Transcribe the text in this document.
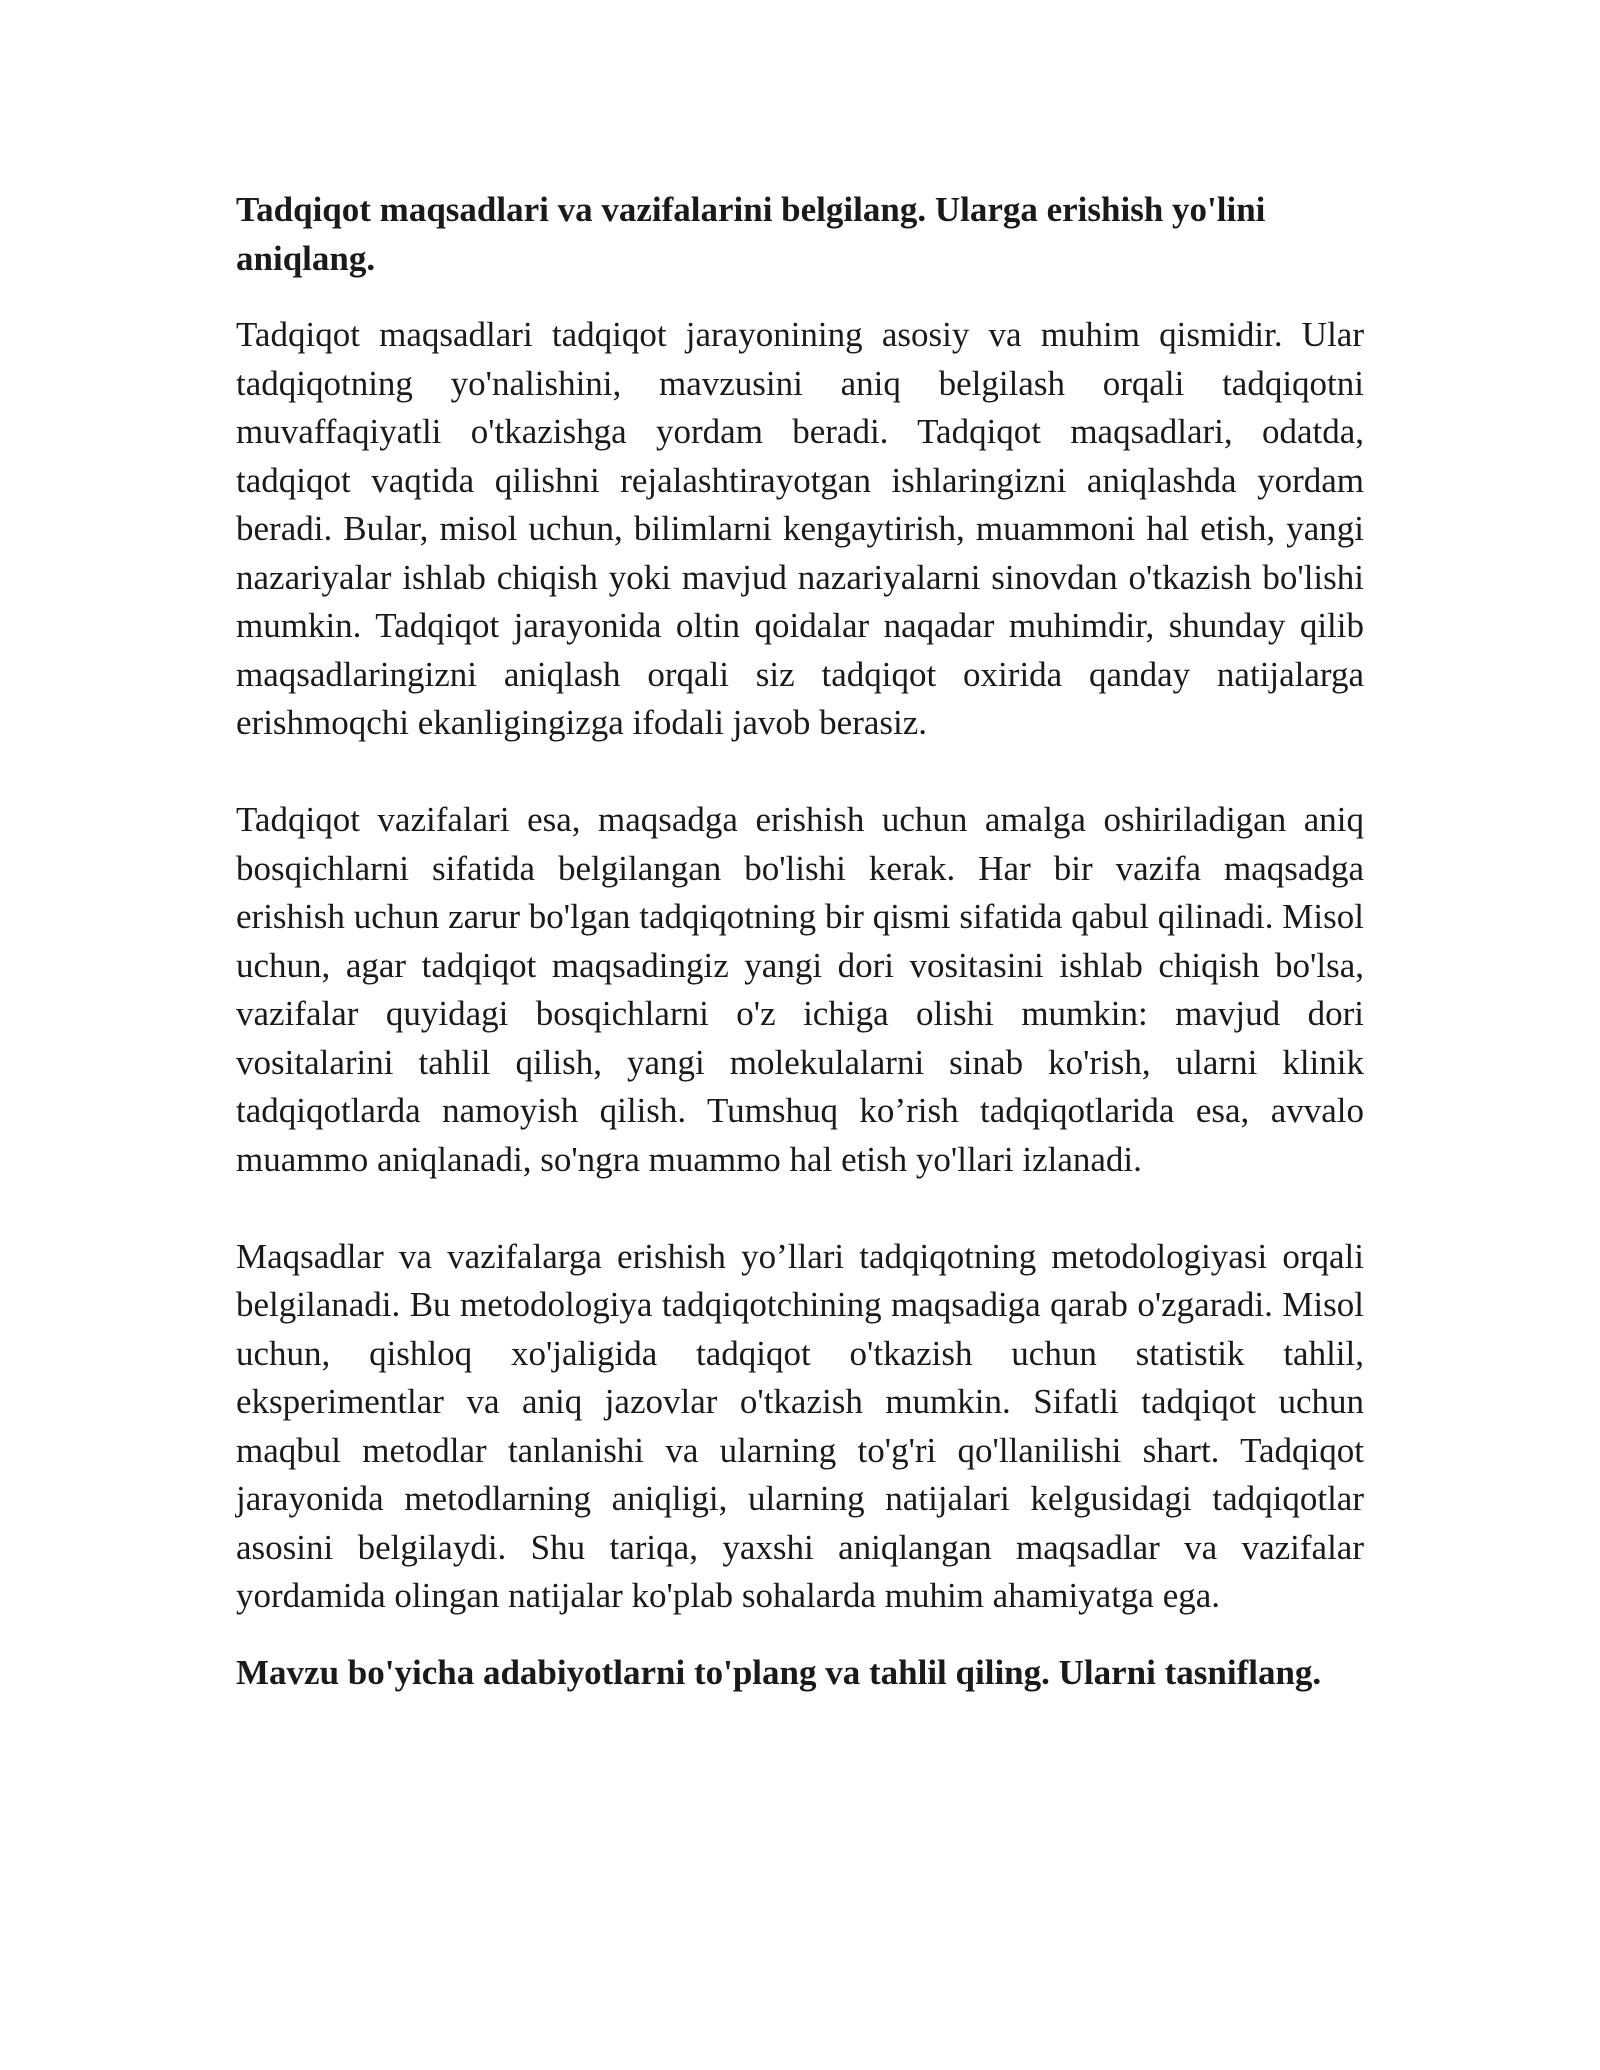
Tadqiqot maqsadlari va vazifalarini belgilang. Ularga erishish yo'lini aniqlang.

Tadqiqot maqsadlari tadqiqot jarayonining asosiy va muhim qismidir. Ular tadqiqotning yo'nalishini, mavzusini aniq belgilash orqali tadqiqotni muvaffaqiyatli o'tkazishga yordam beradi. Tadqiqot maqsadlari, odatda, tadqiqot vaqtida qilishni rejalashtirayotgan ishlaringizni aniqlashda yordam beradi. Bular, misol uchun, bilimlarni kengaytirish, muammoni hal etish, yangi nazariyalar ishlab chiqish yoki mavjud nazariyalarni sinovdan o'tkazish bo'lishi mumkin. Tadqiqot jarayonida oltin qoidalar naqadar muhimdir, shunday qilib maqsadlaringizni aniqlash orqali siz tadqiqot oxirida qanday natijalarga erishmoqchi ekanligingizga ifodali javob berasiz.

Tadqiqot vazifalari esa, maqsadga erishish uchun amalga oshiriladigan aniq bosqichlarni sifatida belgilangan bo'lishi kerak. Har bir vazifa maqsadga erishish uchun zarur bo'lgan tadqiqotning bir qismi sifatida qabul qilinadi. Misol uchun, agar tadqiqot maqsadingiz yangi dori vositasini ishlab chiqish bo'lsa, vazifalar quyidagi bosqichlarni o'z ichiga olishi mumkin: mavjud dori vositalarini tahlil qilish, yangi molekulalarni sinab ko'rish, ularni klinik tadqiqotlarda namoyish qilish. Tumshuq ko’rish tadqiqotlarida esa, avvalo muammo aniqlanadi, so'ngra muammo hal etish yo'llari izlanadi.

Maqsadlar va vazifalarga erishish yo’llari tadqiqotning metodologiyasi orqali belgilanadi. Bu metodologiya tadqiqotchining maqsadiga qarab o'zgaradi. Misol uchun, qishloq xo'jaligida tadqiqot o'tkazish uchun statistik tahlil, eksperimentlar va aniq jazovlar o'tkazish mumkin. Sifatli tadqiqot uchun maqbul metodlar tanlanishi va ularning to'g'ri qo'llanilishi shart. Tadqiqot jarayonida metodlarning aniqligi, ularning natijalari kelgusidagi tadqiqotlar asosini belgilaydi. Shu tariqa, yaxshi aniqlangan maqsadlar va vazifalar yordamida olingan natijalar ko'plab sohalarda muhim ahamiyatga ega.

Mavzu bo'yicha adabiyotlarni to'plang va tahlil qiling. Ularni tasniflang.
